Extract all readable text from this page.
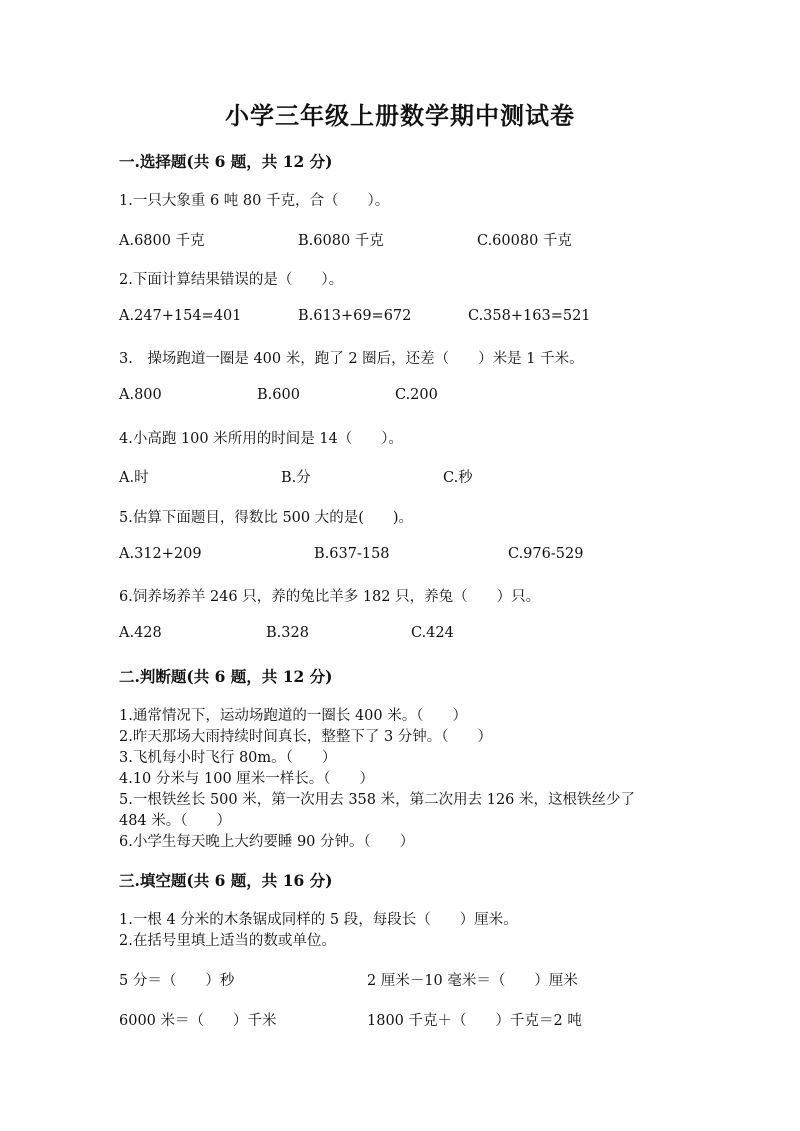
小学三年级上册数学期中测试卷
一.选择题(共 6 题，共 12 分)
1.一只大象重 6 吨 80 千克，合（　　）。
A.6800 千克	B.6080 千克	C.60080 千克
2.下面计算结果错误的是（　　）。
A.247+154=401	B.613+69=672	C.358+163=521
3.　操场跑道一圈是 400 米，跑了 2 圈后，还差（　　）米是 1 千米。
A.800	B.600	C.200
4.小高跑 100 米所用的时间是 14（　　）。
A.时	B.分	C.秒
5.估算下面题目，得数比 500 大的是(　　)。
A.312+209	B.637-158	C.976-529
6.饲养场养羊 246 只，养的兔比羊多 182 只，养兔（　　）只。
A.428	B.328	C.424
二.判断题(共 6 题，共 12 分)
1.通常情况下，运动场跑道的一圈长 400 米。（　　）
2.昨天那场大雨持续时间真长，整整下了 3 分钟。（　　）
3.飞机每小时飞行 80m。（　　）
4.10 分米与 100 厘米一样长。（　　）
5.一根铁丝长 500 米，第一次用去 358 米，第二次用去 126 米，这根铁丝少了
484 米。（　　）
6.小学生每天晚上大约要睡 90 分钟。（　　）
三.填空题(共 6 题，共 16 分)
1.一根 4 分米的木条锯成同样的 5 段，每段长（　　）厘米。
2.在括号里填上适当的数或单位。
5 分＝（　　）秒	2 厘米－10 毫米＝（　　）厘米
6000 米＝（　　）千米	1800 千克＋（　　）千克＝2 吨
